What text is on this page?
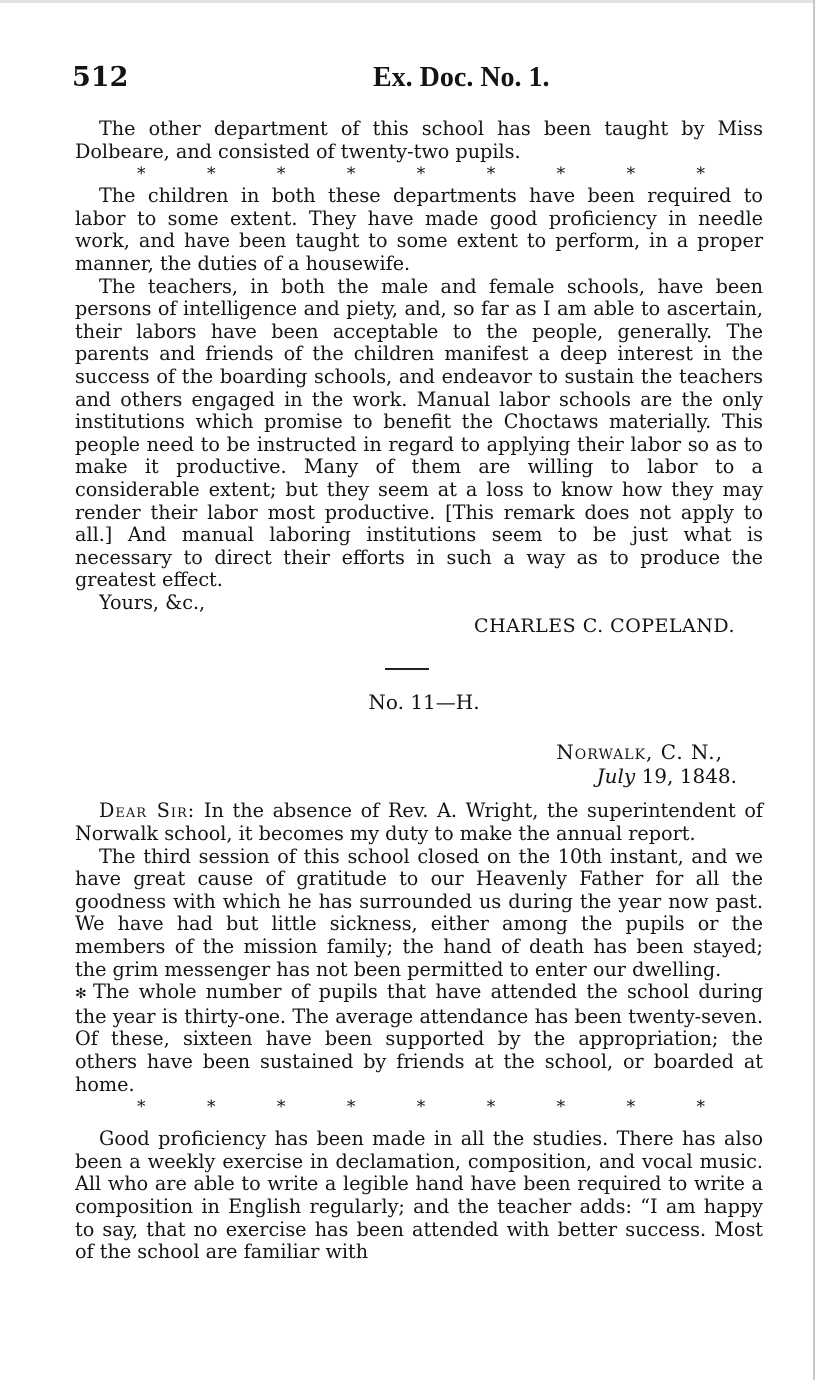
512	Ex. Doc. No. 1.

The other department of this school has been taught by Miss Dolbeare, and consisted of twenty-two pupils.

*	*	*	*	*	*	*	*	*

The children in both these departments have been required to labor to some extent. They have made good proficiency in needle work, and have been taught to some extent to perform, in a proper manner, the duties of a housewife.

The teachers, in both the male and female schools, have been persons of intelligence and piety, and, so far as I am able to ascertain, their labors have been acceptable to the people, generally. The parents and friends of the children manifest a deep interest in the success of the boarding schools, and endeavor to sustain the teachers and others engaged in the work. Manual labor schools are the only institutions which promise to benefit the Choctaws materially. This people need to be instructed in regard to applying their labor so as to make it productive. Many of them are willing to labor to a considerable extent; but they seem at a loss to know how they may render their labor most productive. [This remark does not apply to all.] And manual laboring institutions seem to be just what is necessary to direct their efforts in such a way as to produce the greatest effect.

Yours, &c.,

CHARLES C. COPELAND.
No. 11—H.
Norwalk, C. N.,
July 19, 1848.

Dear Sir: In the absence of Rev. A. Wright, the superintendent of Norwalk school, it becomes my duty to make the annual report.

The third session of this school closed on the 10th instant, and we have great cause of gratitude to our Heavenly Father for all the goodness with which he has surrounded us during the year now past. We have had but little sickness, either among the pupils or the members of the mission family; the hand of death has been stayed; the grim messenger has not been permitted to enter our dwelling.

✻ The whole number of pupils that have attended the school during the year is thirty-one. The average attendance has been twenty-seven. Of these, sixteen have been supported by the appropriation; the others have been sustained by friends at the school, or boarded at home.

*	*	*	*	*	*	*	*	*

Good proficiency has been made in all the studies. There has also been a weekly exercise in declamation, composition, and vocal music. All who are able to write a legible hand have been required to write a composition in English regularly; and the teacher adds: “I am happy to say, that no exercise has been attended with better success. Most of the school are familiar with
